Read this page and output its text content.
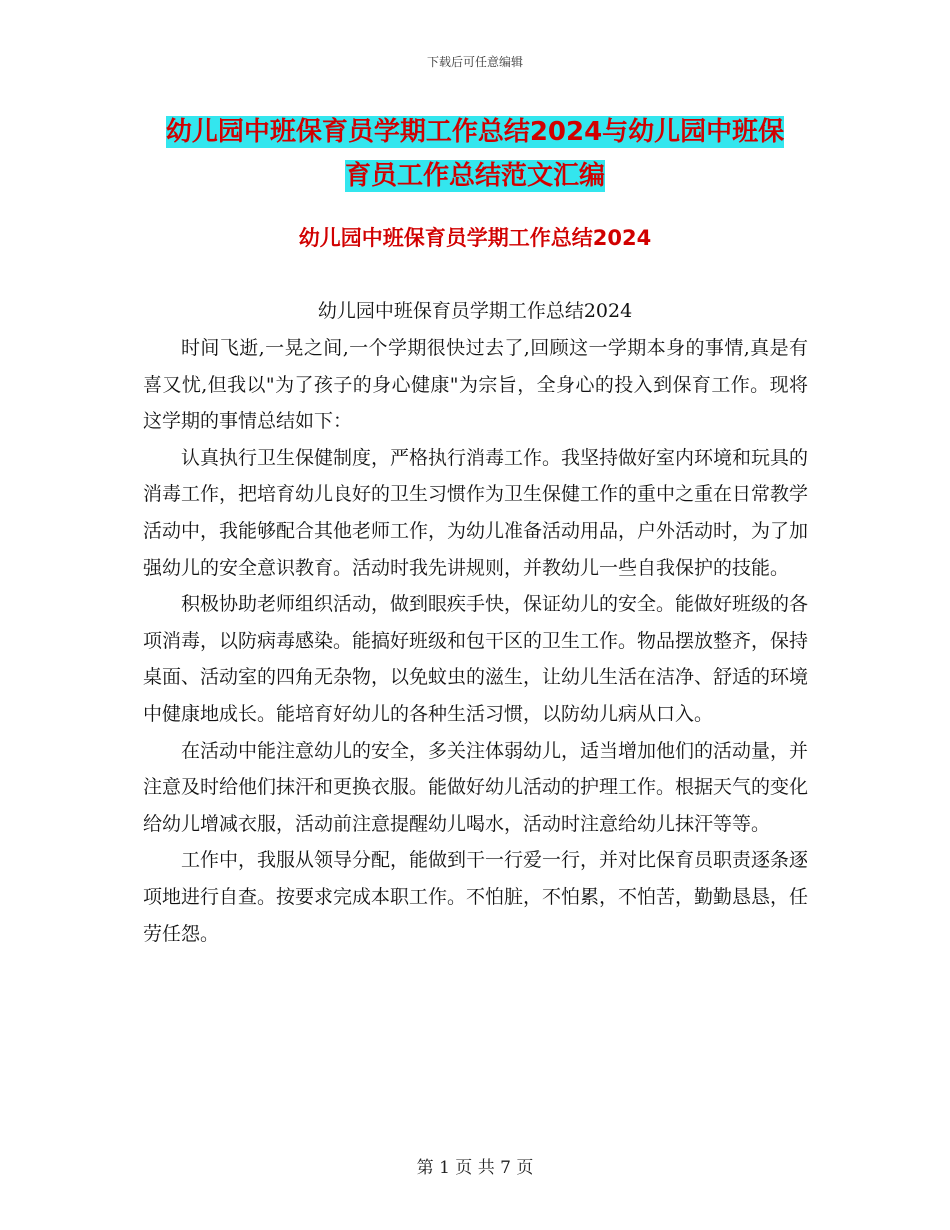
下载后可任意编辑
幼儿园中班保育员学期工作总结2024与幼儿园中班保
育员工作总结范文汇编
幼儿园中班保育员学期工作总结2024
幼儿园中班保育员学期工作总结2024

时间飞逝,一晃之间,一个学期很快过去了,回顾这一学期本身的事情,真是有喜又忧,但我以"为了孩子的身心健康"为宗旨，全身心的投入到保育工作。现将这学期的事情总结如下：

认真执行卫生保健制度，严格执行消毒工作。我坚持做好室内环境和玩具的消毒工作，把培育幼儿良好的卫生习惯作为卫生保健工作的重中之重在日常教学活动中，我能够配合其他老师工作，为幼儿准备活动用品，户外活动时，为了加强幼儿的安全意识教育。活动时我先讲规则，并教幼儿一些自我保护的技能。

积极协助老师组织活动，做到眼疾手快，保证幼儿的安全。能做好班级的各项消毒，以防病毒感染。能搞好班级和包干区的卫生工作。物品摆放整齐，保持桌面、活动室的四角无杂物，以免蚊虫的滋生，让幼儿生活在洁净、舒适的环境中健康地成长。能培育好幼儿的各种生活习惯，以防幼儿病从口入。

在活动中能注意幼儿的安全，多关注体弱幼儿，适当增加他们的活动量，并注意及时给他们抹汗和更换衣服。能做好幼儿活动的护理工作。根据天气的变化给幼儿增减衣服，活动前注意提醒幼儿喝水，活动时注意给幼儿抹汗等等。

工作中，我服从领导分配，能做到干一行爱一行，并对比保育员职责逐条逐项地进行自查。按要求完成本职工作。不怕脏，不怕累，不怕苦，勤勤恳恳，任劳任怨。

第 1 页 共 7 页
